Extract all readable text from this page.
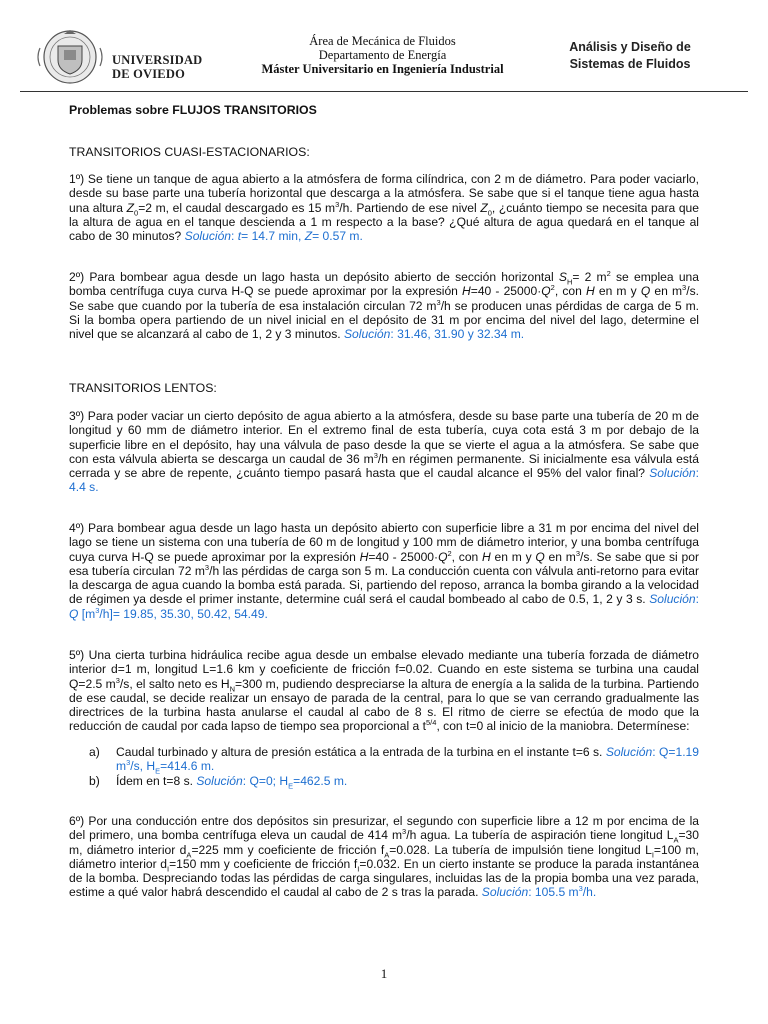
UNIVERSIDAD
DE OVIEDO
Área de Mecánica de Fluidos
Departamento de Energía
Máster Universitario en Ingeniería Industrial
Análisis y Diseño de
Sistemas de Fluidos

Problemas sobre FLUJOS TRANSITORIOS

TRANSITORIOS CUASI-ESTACIONARIOS:

1º) Se tiene un tanque de agua abierto a la atmósfera de forma cilíndrica, con 2 m de diámetro. Para poder vaciarlo, desde su base parte una tubería horizontal que descarga a la atmósfera. Se sabe que si el tanque tiene agua hasta una altura $Z_0=2$ m, el caudal descargado es 15 $m^3/h$. Partiendo de ese nivel $Z_0$, ¿cuánto tiempo se necesita para que la altura de agua en el tanque descienda a 1 m respecto a la base? ¿Qué altura de agua quedará en el tanque al cabo de 30 minutos? Solución: t= 14.7 min, Z= 0.57 m.

2º) Para bombear agua desde un lago hasta un depósito abierto de sección horizontal $S_H= 2$ $m^2$ se emplea una bomba centrífuga cuya curva H-Q se puede aproximar por la expresión $H=40 - 25000\cdot Q^2$, con H en m y Q en $m^3/s$. Se sabe que cuando por la tubería de esa instalación circulan 72 $m^3/h$ se producen unas pérdidas de carga de 5 m. Si la bomba opera partiendo de un nivel inicial en el depósito de 31 m por encima del nivel del lago, determine el nivel que se alcanzará al cabo de 1, 2 y 3 minutos. Solución: 31.46, 31.90 y 32.34 m.

TRANSITORIOS LENTOS:

3º) Para poder vaciar un cierto depósito de agua abierto a la atmósfera, desde su base parte una tubería de 20 m de longitud y 60 mm de diámetro interior. En el extremo final de esta tubería, cuya cota está 3 m por debajo de la superficie libre en el depósito, hay una válvula de paso desde la que se vierte el agua a la atmósfera. Se sabe que con esta válvula abierta se descarga un caudal de 36 $m^3/h$ en régimen permanente. Si inicialmente esa válvula está cerrada y se abre de repente, ¿cuánto tiempo pasará hasta que el caudal alcance el 95% del valor final? Solución: 4.4 s.

4º) Para bombear agua desde un lago hasta un depósito abierto con superficie libre a 31 m por encima del nivel del lago se tiene un sistema con una tubería de 60 m de longitud y 100 mm de diámetro interior, y una bomba centrífuga cuya curva H-Q se puede aproximar por la expresión $H=40 - 25000\cdot Q^2$, con H en m y Q en $m^3/s$. Se sabe que si por esa tubería circulan 72 $m^3/h$ las pérdidas de carga son 5 m. La conducción cuenta con válvula anti-retorno para evitar la descarga de agua cuando la bomba está parada. Si, partiendo del reposo, arranca la bomba girando a la velocidad de régimen ya desde el primer instante, determine cuál será el caudal bombeado al cabo de 0.5, 1, 2 y 3 s. Solución: Q $[m^3/h]= 19.85$, 35.30, 50.42, 54.49.

5º) Una cierta turbina hidráulica recibe agua desde un embalse elevado mediante una tubería forzada de diámetro interior d=1 m, longitud L=1.6 km y coeficiente de fricción f=0.02. Cuando en este sistema se turbina una caudal Q=2.5 $m^3/s$, el salto neto es $H_N=300$ m, pudiendo despreciarse la altura de energía a la salida de la turbina. Partiendo de ese caudal, se decide realizar un ensayo de parada de la central, para lo que se van cerrando gradualmente las directrices de la turbina hasta anularse el caudal al cabo de 8 s. El ritmo de cierre se efectúa de modo que la reducción de caudal por cada lapso de tiempo sea proporcional a $t^{5/4}$, con t=0 al inicio de la maniobra. Determínese:

a) Caudal turbinado y altura de presión estática a la entrada de la turbina en el instante t=6 s. Solución: Q=1.19 $m^3/s$, $H_E=414.6$ m.
b) Ídem en t=8 s. Solución: Q=0; $H_E=462.5$ m.

6º) Por una conducción entre dos depósitos sin presurizar, el segundo con superficie libre a 12 m por encima de la del primero, una bomba centrífuga eleva un caudal de 414 $m^3/h$ agua. La tubería de aspiración tiene longitud $L_A=30$ m, diámetro interior $d_A=225$ mm y coeficiente de fricción $f_A=0.028$. La tubería de impulsión tiene longitud $L_I=100$ m, diámetro interior $d_I=150$ mm y coeficiente de fricción $f_I=0.032$. En un cierto instante se produce la parada instantánea de la bomba. Despreciando todas las pérdidas de carga singulares, incluidas las de la propia bomba una vez parada, estime a qué valor habrá descendido el caudal al cabo de 2 s tras la parada. Solución: 105.5 $m^3/h$.

1
